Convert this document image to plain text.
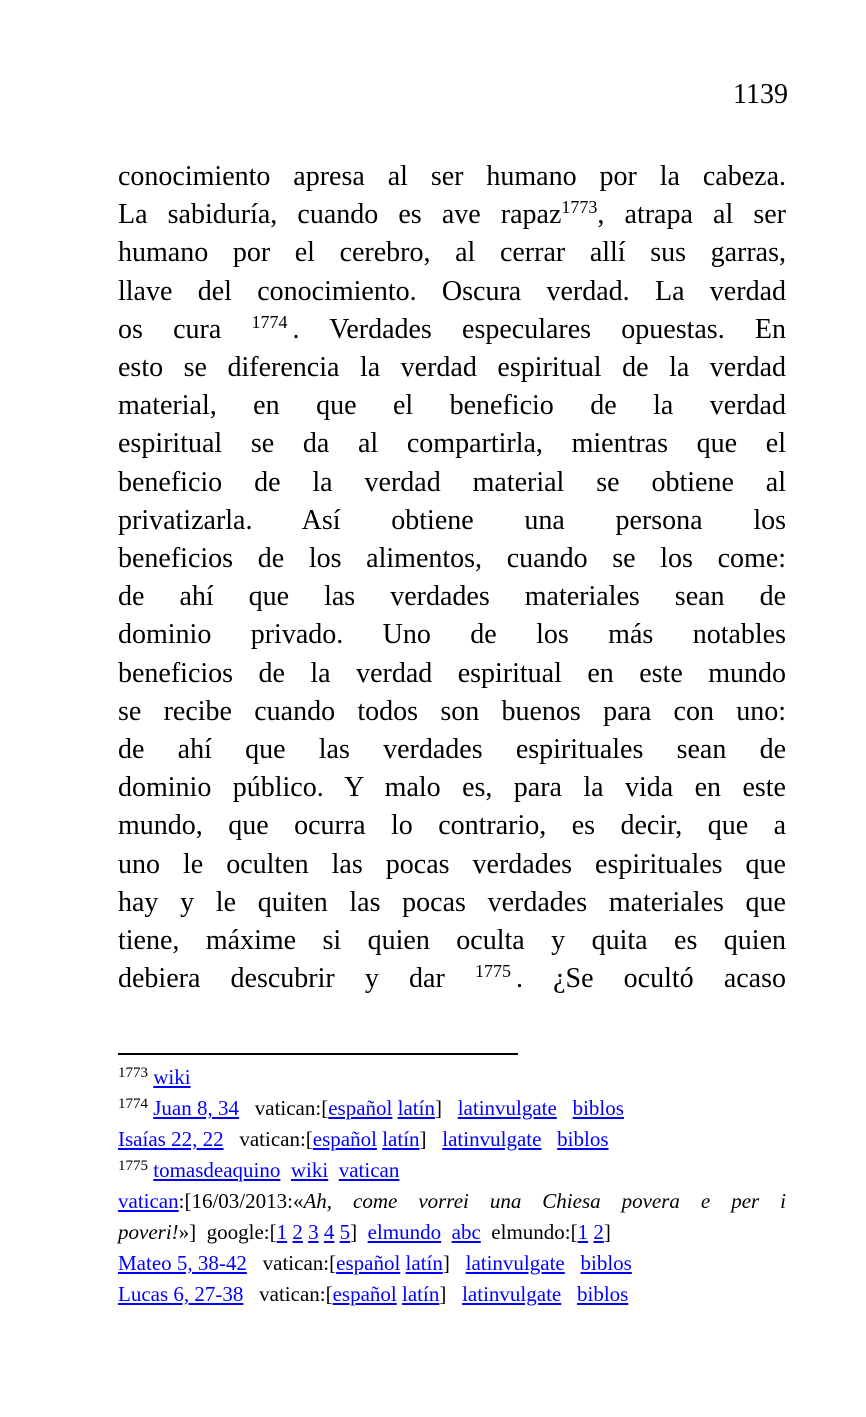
1139
conocimiento apresa al ser humano por la cabeza.
La sabiduría, cuando es ave rapaz$^{1773}$, atrapa al ser
humano por el cerebro, al cerrar allí sus garras,
llave del conocimiento. Oscura verdad. La verdad
os cura $^{1774}$ . Verdades especulares opuestas. En
esto se diferencia la verdad espiritual de la verdad
material, en que el beneficio de la verdad
espiritual se da al compartirla, mientras que el
beneficio de la verdad material se obtiene al
privatizarla. Así obtiene una persona los
beneficios de los alimentos, cuando se los come:
de ahí que las verdades materiales sean de
dominio privado. Uno de los más notables
beneficios de la verdad espiritual en este mundo
se recibe cuando todos son buenos para con uno:
de ahí que las verdades espirituales sean de
dominio público. Y malo es, para la vida en este
mundo, que ocurra lo contrario, es decir, que a
uno le oculten las pocas verdades espirituales que
hay y le quiten las pocas verdades materiales que
tiene, máxime si quien oculta y quita es quien
debiera descubrir y dar $^{1775}$ . ¿Se ocultó acaso
$^{1773}$ wiki
$^{1774}$ Juan 8, 34   vatican:[español latín]   latinvulgate biblos
Isaías 22, 22   vatican:[español latín]   latinvulgate biblos
$^{1775}$ tomasdeaquino wiki vatican
vatican:[16/03/2013:«Ah, come vorrei una Chiesa povera e per i
poveri!»]  google:[1 2 3 4 5]  elmundo abc  elmundo:[1 2]
Mateo 5, 38-42   vatican:[español latín]   latinvulgate biblos
Lucas 6, 27-38   vatican:[español latín]   latinvulgate biblos
